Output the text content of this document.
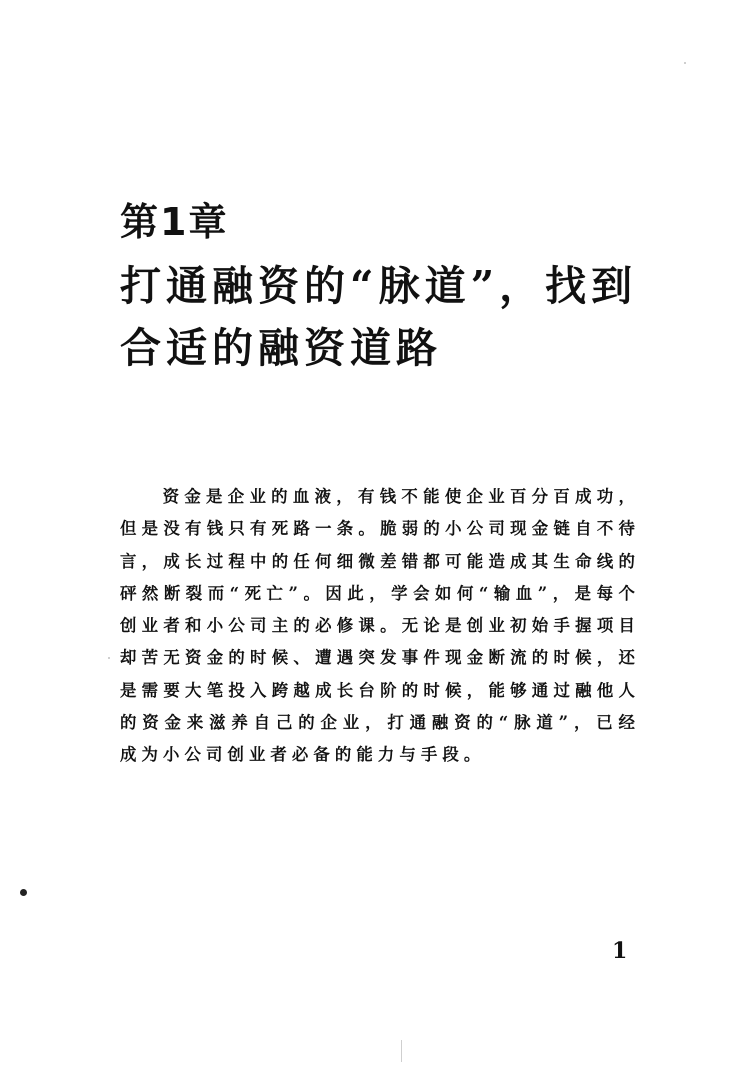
第1章
打通融资的“脉道”，找到合适的融资道路

资金是企业的血液，有钱不能使企业百分百成功，但是没有钱只有死路一条。脆弱的小公司现金链自不待言，成长过程中的任何细微差错都可能造成其生命线的砰然断裂而“死亡”。因此，学会如何“输血”，是每个创业者和小公司主的必修课。无论是创业初始手握项目却苦无资金的时候、遭遇突发事件现金断流的时候，还是需要大笔投入跨越成长台阶的时候，能够通过融他人的资金来滋养自己的企业，打通融资的“脉道”，已经成为小公司创业者必备的能力与手段。

1
